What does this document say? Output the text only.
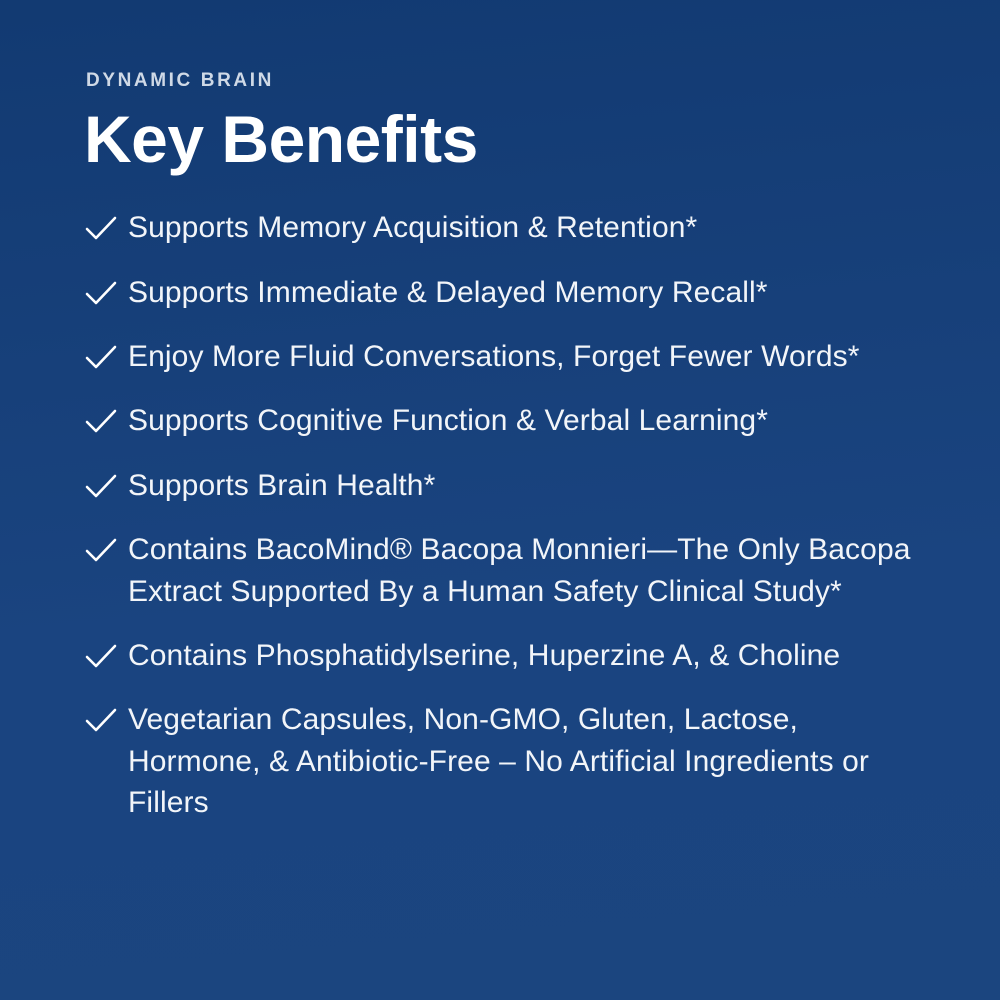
DYNAMIC BRAIN
Key Benefits
Supports Memory Acquisition & Retention*
Supports Immediate & Delayed Memory Recall*
Enjoy More Fluid Conversations, Forget Fewer Words*
Supports Cognitive Function & Verbal Learning*
Supports Brain Health*
Contains BacoMind® Bacopa Monnieri—The Only Bacopa Extract Supported By a Human Safety Clinical Study*
Contains Phosphatidylserine, Huperzine A, & Choline
Vegetarian Capsules, Non-GMO, Gluten, Lactose, Hormone, & Antibiotic-Free – No Artificial Ingredients or Fillers
